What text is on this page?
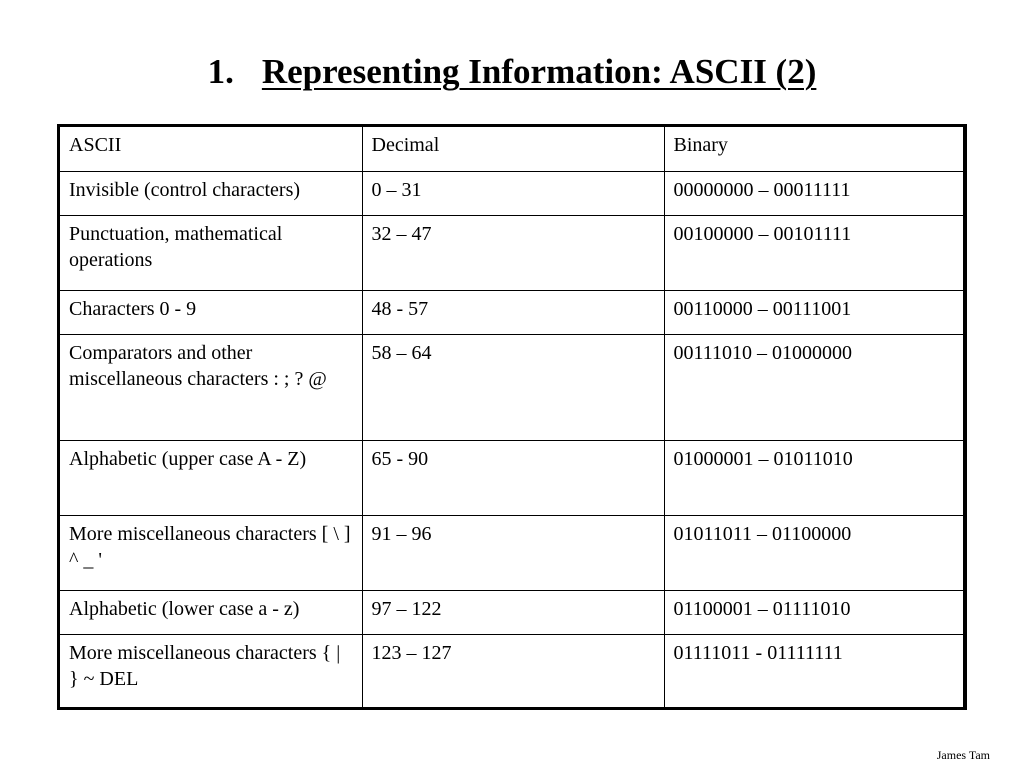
1. Representing Information: ASCII (2)
ASCII	Decimal	Binary
Invisible (control characters)	0 – 31	00000000 – 00011111
Punctuation, mathematical operations	32 – 47	00100000 – 00101111
Characters 0 - 9	48 - 57	00110000 – 00111001
Comparators and other miscellaneous characters : ; ? @	58 – 64	00111010 – 01000000
Alphabetic (upper case A - Z)	65 - 90	01000001 – 01011010
More miscellaneous characters [ \ ] ^ _ '	91 – 96	01011011 – 01100000
Alphabetic (lower case a - z)	97 – 122	01100001 – 01111010
More miscellaneous characters { | } ~ DEL	123 – 127	01111011 - 01111111
James Tam
